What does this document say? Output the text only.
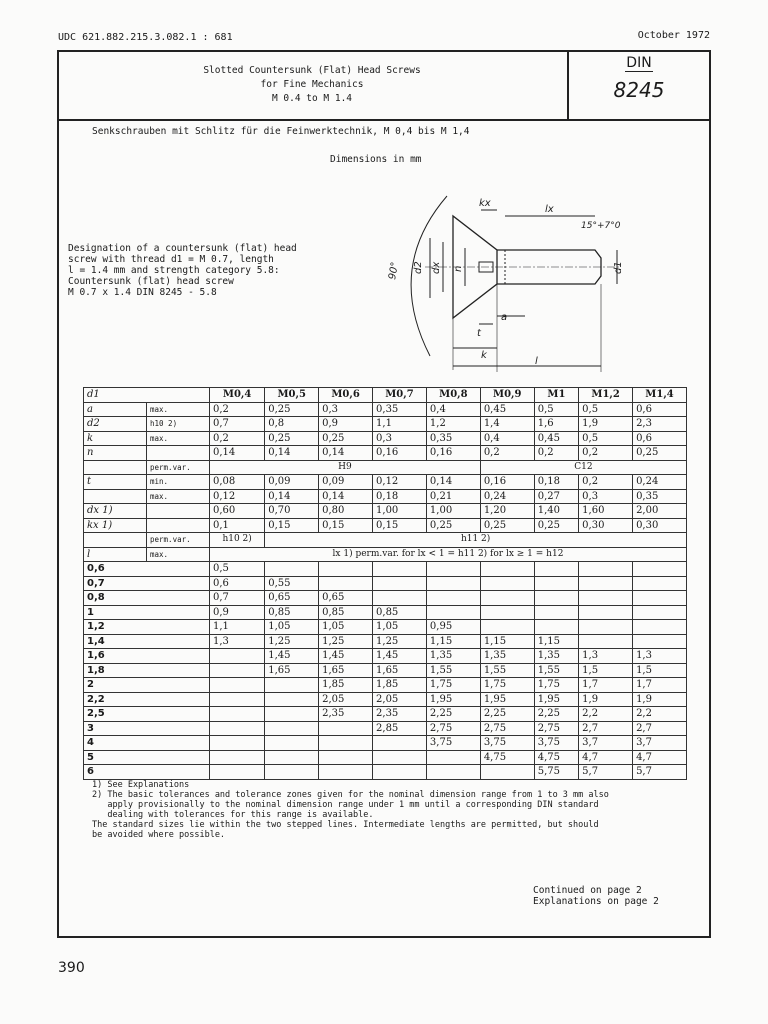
UDC 621.882.215.3.082.1 : 681	October 1972
Slotted Countersunk (Flat) Head Screws
for Fine Mechanics
M 0.4 to M 1.4
DIN
8245
Senkschrauben mit Schlitz für die Feinwerktechnik, M 0,4 bis M 1,4
Dimensions in mm
Designation of a countersunk (flat) head
screw with thread d1 = M 0.7, length
l = 1.4 mm and strength category 5.8:
Countersunk (flat) head screw
M 0.7 x 1.4 DIN 8245 - 5.8
kx
lx
15°+7°0
90° d2 dx n	d1
a
t
k
l
d1		M0,4	M0,5	M0,6	M0,7	M0,8	M0,9	M1	M1,2	M1,4
a	max.	0,2	0,25	0,3	0,35	0,4	0,45	0,5	0,5	0,6
d2	h10 2)	0,7	0,8	0,9	1,1	1,2	1,4	1,6	1,9	2,3
k	max.	0,2	0,25	0,25	0,3	0,35	0,4	0,45	0,5	0,6
n		0,14	0,14	0,14	0,16	0,16	0,2	0,2	0,2	0,25
	perm.var.	H9					C12			
t	min.	0,08	0,09	0,09	0,12	0,14	0,16	0,18	0,2	0,24
	max.	0,12	0,14	0,14	0,18	0,21	0,24	0,27	0,3	0,35
dx 1)		0,60	0,70	0,80	1,00	1,00	1,20	1,40	1,60	2,00
kx 1)		0,1	0,15	0,15	0,15	0,25	0,25	0,25	0,30	0,30
	perm.var.	h10 2)	h11 2)							
l	max.	lx 1) perm.var. for lx < 1 = h11 2) for lx ≥ 1 = h12								
0,6		0,5								
0,7		0,6	0,55							
0,8		0,7	0,65	0,65						
1		0,9	0,85	0,85	0,85					
1,2		1,1	1,05	1,05	1,05	0,95				
1,4		1,3	1,25	1,25	1,25	1,15	1,15	1,15		
1,6			1,45	1,45	1,45	1,35	1,35	1,35	1,3	1,3
1,8			1,65	1,65	1,65	1,55	1,55	1,55	1,5	1,5
2				1,85	1,85	1,75	1,75	1,75	1,7	1,7
2,2				2,05	2,05	1,95	1,95	1,95	1,9	1,9
2,5				2,35	2,35	2,25	2,25	2,25	2,2	2,2
3					2,85	2,75	2,75	2,75	2,7	2,7
4						3,75	3,75	3,75	3,7	3,7
5							4,75	4,75	4,7	4,7
6								5,75	5,7	5,7
1) See Explanations
2) The basic tolerances and tolerance zones given for the nominal dimension range from 1 to 3 mm also
apply provisionally to the nominal dimension range under 1 mm until a corresponding DIN standard
dealing with tolerances for this range is available.
The standard sizes lie within the two stepped lines. Intermediate lengths are permitted, but should
be avoided where possible.
Continued on page 2
Explanations on page 2
390
